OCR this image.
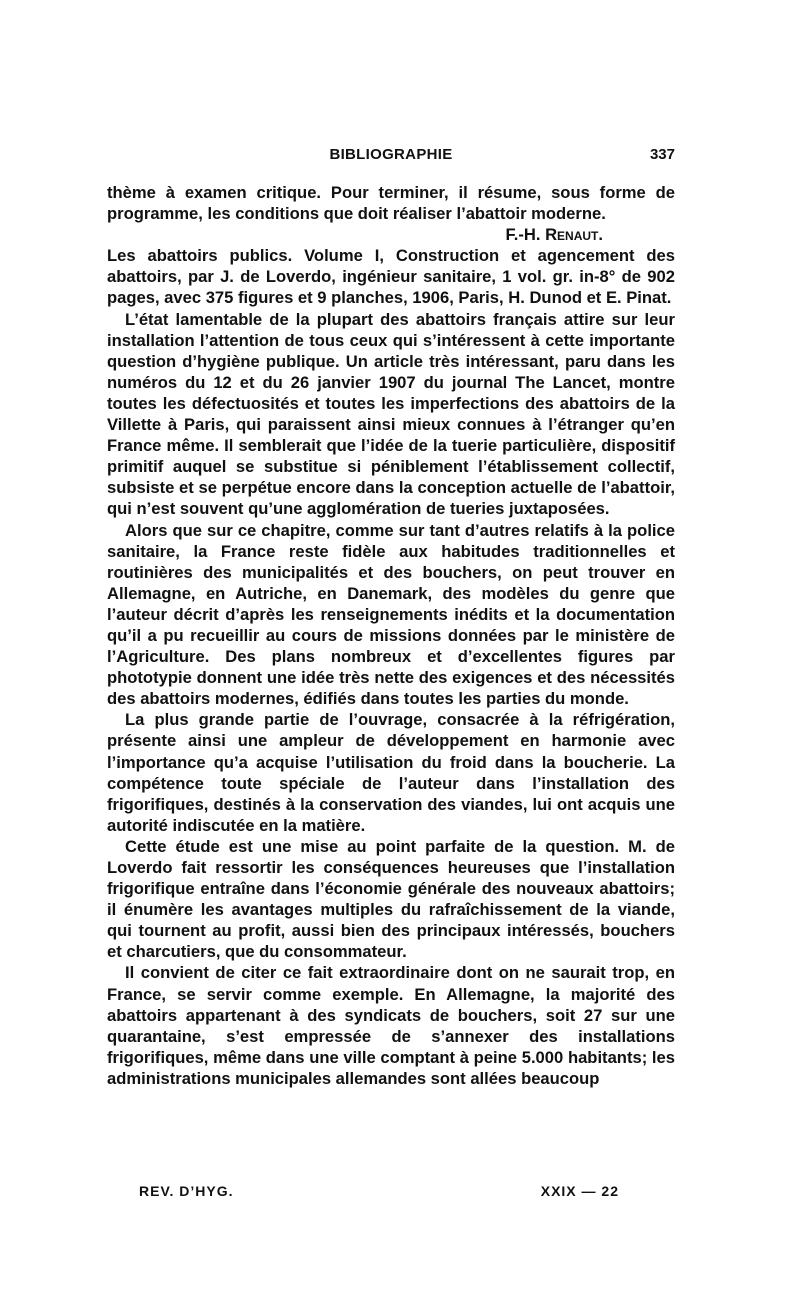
BIBLIOGRAPHIE	337

thème à examen critique. Pour terminer, il résume, sous forme de programme, les conditions que doit réaliser l’abattoir moderne.

F.-H. Renaut.

Les abattoirs publics. Volume I, Construction et agencement des abattoirs, par J. de Loverdo, ingénieur sanitaire, 1 vol. gr. in-8° de 902 pages, avec 375 figures et 9 planches, 1906, Paris, H. Dunod et E. Pinat.

L’état lamentable de la plupart des abattoirs français attire sur leur installation l’attention de tous ceux qui s’intéressent à cette importante question d’hygiène publique. Un article très intéressant, paru dans les numéros du 12 et du 26 janvier 1907 du journal The Lancet, montre toutes les défectuosités et toutes les imperfections des abattoirs de la Villette à Paris, qui paraissent ainsi mieux connues à l’étranger qu’en France même. Il semblerait que l’idée de la tuerie particulière, dispositif primitif auquel se substitue si péniblement l’établissement collectif, subsiste et se perpétue encore dans la conception actuelle de l’abattoir, qui n’est souvent qu’une agglomération de tueries juxtaposées.

Alors que sur ce chapitre, comme sur tant d’autres relatifs à la police sanitaire, la France reste fidèle aux habitudes traditionnelles et routinières des municipalités et des bouchers, on peut trouver en Allemagne, en Autriche, en Danemark, des modèles du genre que l’auteur décrit d’après les renseignements inédits et la documentation qu’il a pu recueillir au cours de missions données par le ministère de l’Agriculture. Des plans nombreux et d’excellentes figures par phototypie donnent une idée très nette des exigences et des nécessités des abattoirs modernes, édifiés dans toutes les parties du monde.

La plus grande partie de l’ouvrage, consacrée à la réfrigération, présente ainsi une ampleur de développement en harmonie avec l’importance qu’a acquise l’utilisation du froid dans la boucherie. La compétence toute spéciale de l’auteur dans l’installation des frigorifiques, destinés à la conservation des viandes, lui ont acquis une autorité indiscutée en la matière.

Cette étude est une mise au point parfaite de la question. M. de Loverdo fait ressortir les conséquences heureuses que l’installation frigorifique entraîne dans l’économie générale des nouveaux abattoirs; il énumère les avantages multiples du rafraîchissement de la viande, qui tournent au profit, aussi bien des principaux intéressés, bouchers et charcutiers, que du consommateur.

Il convient de citer ce fait extraordinaire dont on ne saurait trop, en France, se servir comme exemple. En Allemagne, la majorité des abattoirs appartenant à des syndicats de bouchers, soit 27 sur une quarantaine, s’est empressée de s’annexer des installations frigorifiques, même dans une ville comptant à peine 5.000 habitants; les administrations municipales allemandes sont allées beaucoup

REV. D’HYG.	XXIX — 22
